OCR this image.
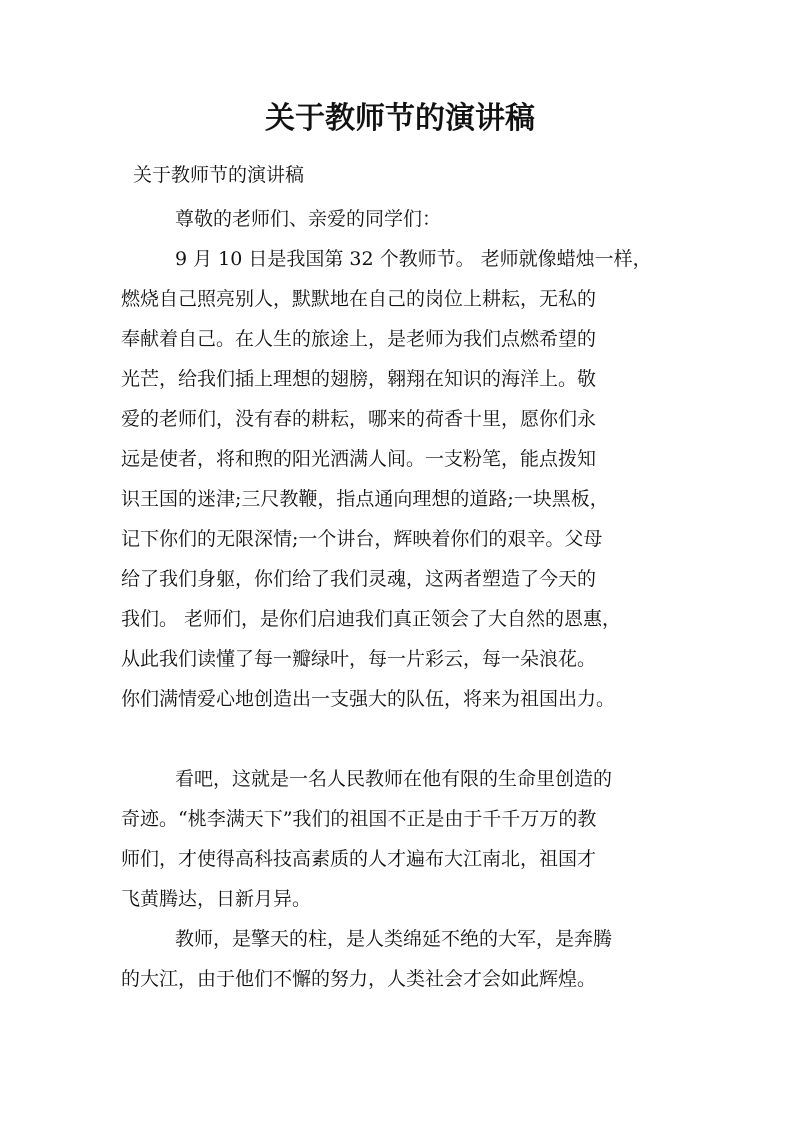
关于教师节的演讲稿

关于教师节的演讲稿

尊敬的老师们、亲爱的同学们：

9 月 10 日是我国第 32 个教师节。 老师就像蜡烛一样，

燃烧自己照亮别人，默默地在自己的岗位上耕耘，无私的

奉献着自己。在人生的旅途上，是老师为我们点燃希望的

光芒，给我们插上理想的翅膀，翱翔在知识的海洋上。敬

爱的老师们，没有春的耕耘，哪来的荷香十里，愿你们永

远是使者，将和煦的阳光洒满人间。一支粉笔，能点拨知

识王国的迷津;三尺教鞭，指点通向理想的道路;一块黑板，

记下你们的无限深情;一个讲台，辉映着你们的艰辛。父母

给了我们身躯，你们给了我们灵魂，这两者塑造了今天的

我们。 老师们，是你们启迪我们真正领会了大自然的恩惠，

从此我们读懂了每一瓣绿叶，每一片彩云，每一朵浪花。

你们满情爱心地创造出一支强大的队伍，将来为祖国出力。

看吧，这就是一名人民教师在他有限的生命里创造的

奇迹。“桃李满天下”我们的祖国不正是由于千千万万的教

师们，才使得高科技高素质的人才遍布大江南北，祖国才

飞黄腾达，日新月异。

教师，是擎天的柱，是人类绵延不绝的大军，是奔腾

的大江，由于他们不懈的努力，人类社会才会如此辉煌。
